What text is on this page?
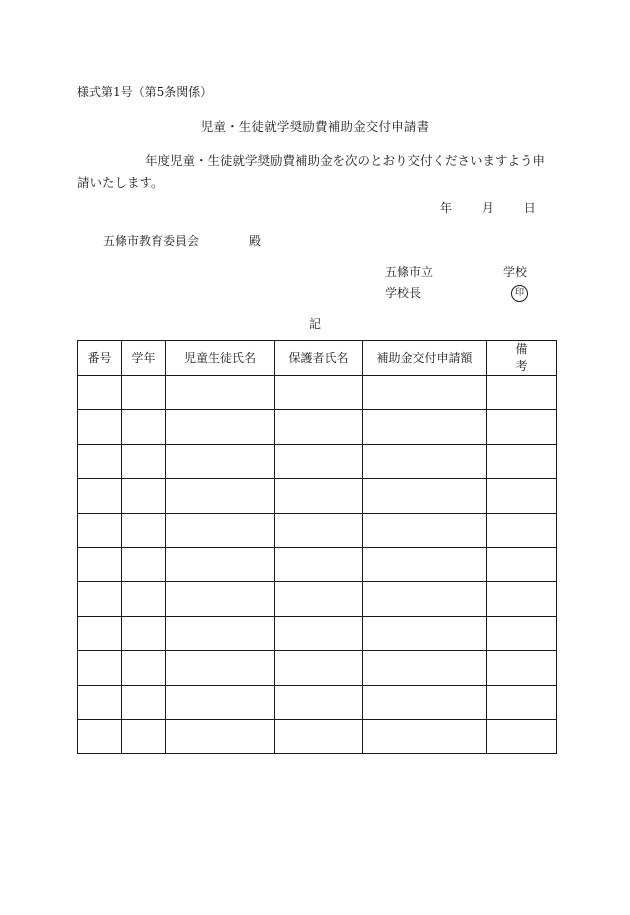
様式第1号（第5条関係）
児童・生徒就学奨励費補助金交付申請書
年度児童・生徒就学奨励費補助金を次のとおり交付くださいますよう申請いたします。
年 月 日
五條市教育委員会	殿
五條市立	学校
学校長	印
記
番号	学年	児童生徒氏名	保護者氏名	補助金交付申請額	備考
